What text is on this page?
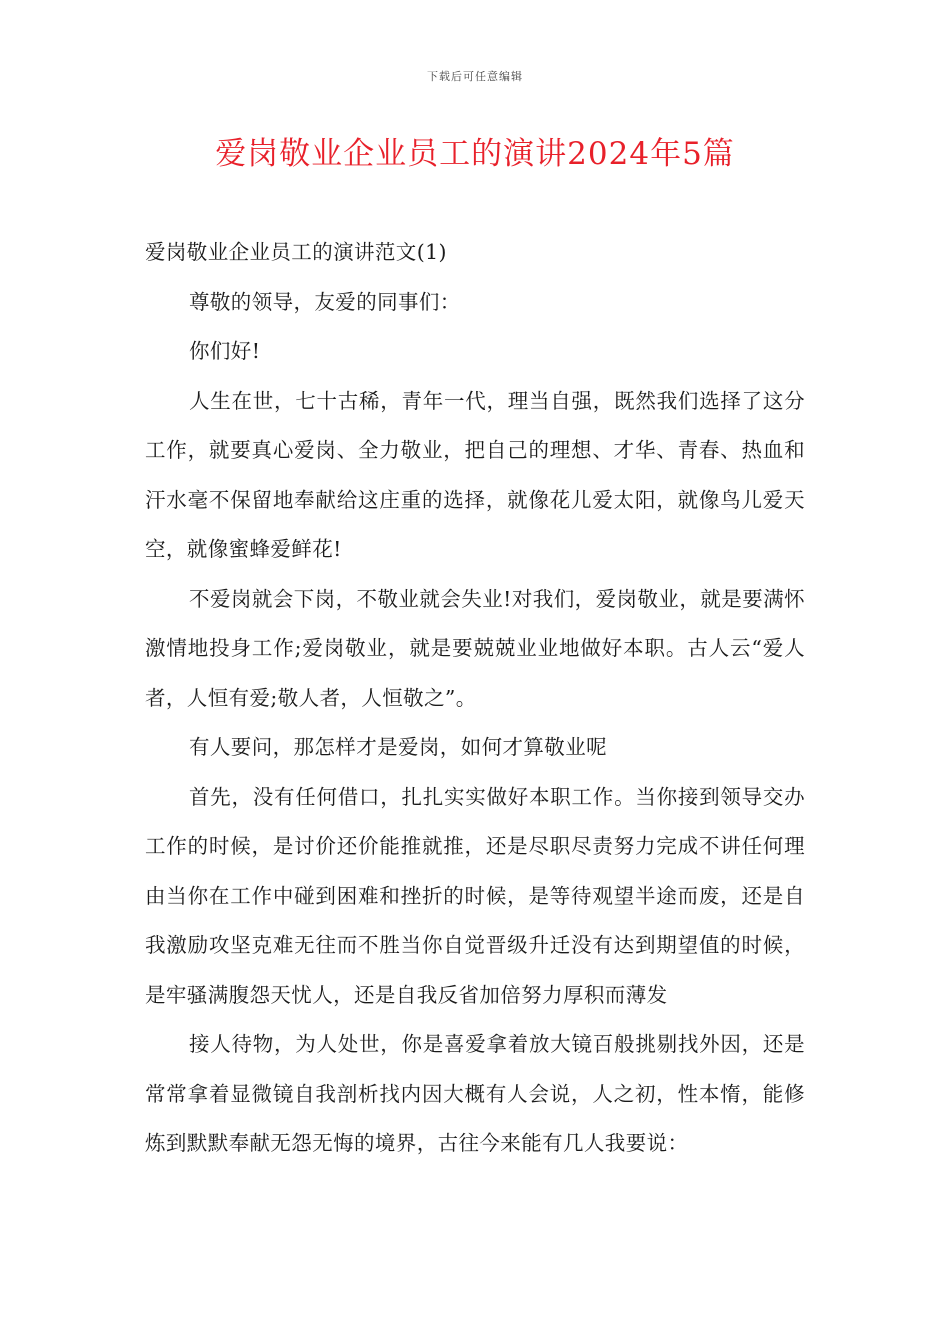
下载后可任意编辑
爱岗敬业企业员工的演讲2024年5篇

爱岗敬业企业员工的演讲范文(1)

尊敬的领导，友爱的同事们：

你们好!

人生在世，七十古稀，青年一代，理当自强，既然我们选择了这分工作，就要真心爱岗、全力敬业，把自己的理想、才华、青春、热血和汗水毫不保留地奉献给这庄重的选择，就像花儿爱太阳，就像鸟儿爱天空，就像蜜蜂爱鲜花!

不爱岗就会下岗，不敬业就会失业!对我们，爱岗敬业，就是要满怀激情地投身工作;爱岗敬业，就是要兢兢业业地做好本职。古人云“爱人者，人恒有爱;敬人者，人恒敬之”。

有人要问，那怎样才是爱岗，如何才算敬业呢

首先，没有任何借口，扎扎实实做好本职工作。当你接到领导交办工作的时候，是讨价还价能推就推，还是尽职尽责努力完成不讲任何理由当你在工作中碰到困难和挫折的时候，是等待观望半途而废，还是自我激励攻坚克难无往而不胜当你自觉晋级升迁没有达到期望值的时候，是牢骚满腹怨天忧人，还是自我反省加倍努力厚积而薄发

接人待物，为人处世，你是喜爱拿着放大镜百般挑剔找外因，还是常常拿着显微镜自我剖析找内因大概有人会说，人之初，性本惰，能修炼到默默奉献无怨无悔的境界，古往今来能有几人我要说：
